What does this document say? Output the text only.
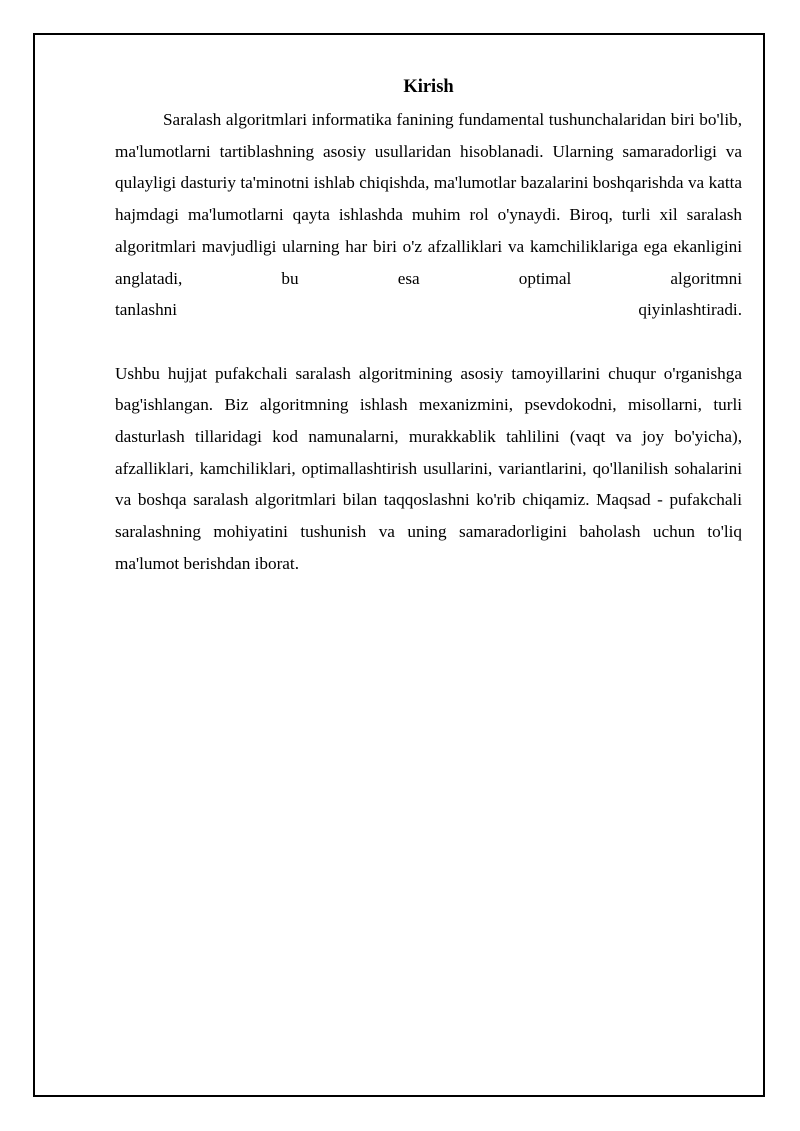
Kirish

Saralash algoritmlari informatika fanining fundamental tushunchalaridan biri bo'lib, ma'lumotlarni tartiblashning asosiy usullaridan hisoblanadi. Ularning samaradorligi va qulayligi dasturiy ta'minotni ishlab chiqishda, ma'lumotlar bazalarini boshqarishda va katta hajmdagi ma'lumotlarni qayta ishlashda muhim rol o'ynaydi. Biroq, turli xil saralash algoritmlari mavjudligi ularning har biri o'z afzalliklari va kamchiliklariga ega ekanligini anglatadi, bu esa optimal algoritmni

tanlashni qiyinlashtiradi.

Ushbu hujjat pufakchali saralash algoritmining asosiy tamoyillarini chuqur o'rganishga bag'ishlangan. Biz algoritmning ishlash mexanizmini, psevdokodni, misollarni, turli dasturlash tillaridagi kod namunalarni, murakkablik tahlilini (vaqt va joy bo'yicha), afzalliklari, kamchiliklari, optimallashtirish usullarini, variantlarini, qo'llanilish sohalarini va boshqa saralash algoritmlari bilan taqqoslashni ko'rib chiqamiz. Maqsad - pufakchali saralashning mohiyatini tushunish va uning samaradorligini baholash uchun to'liq ma'lumot berishdan iborat.
